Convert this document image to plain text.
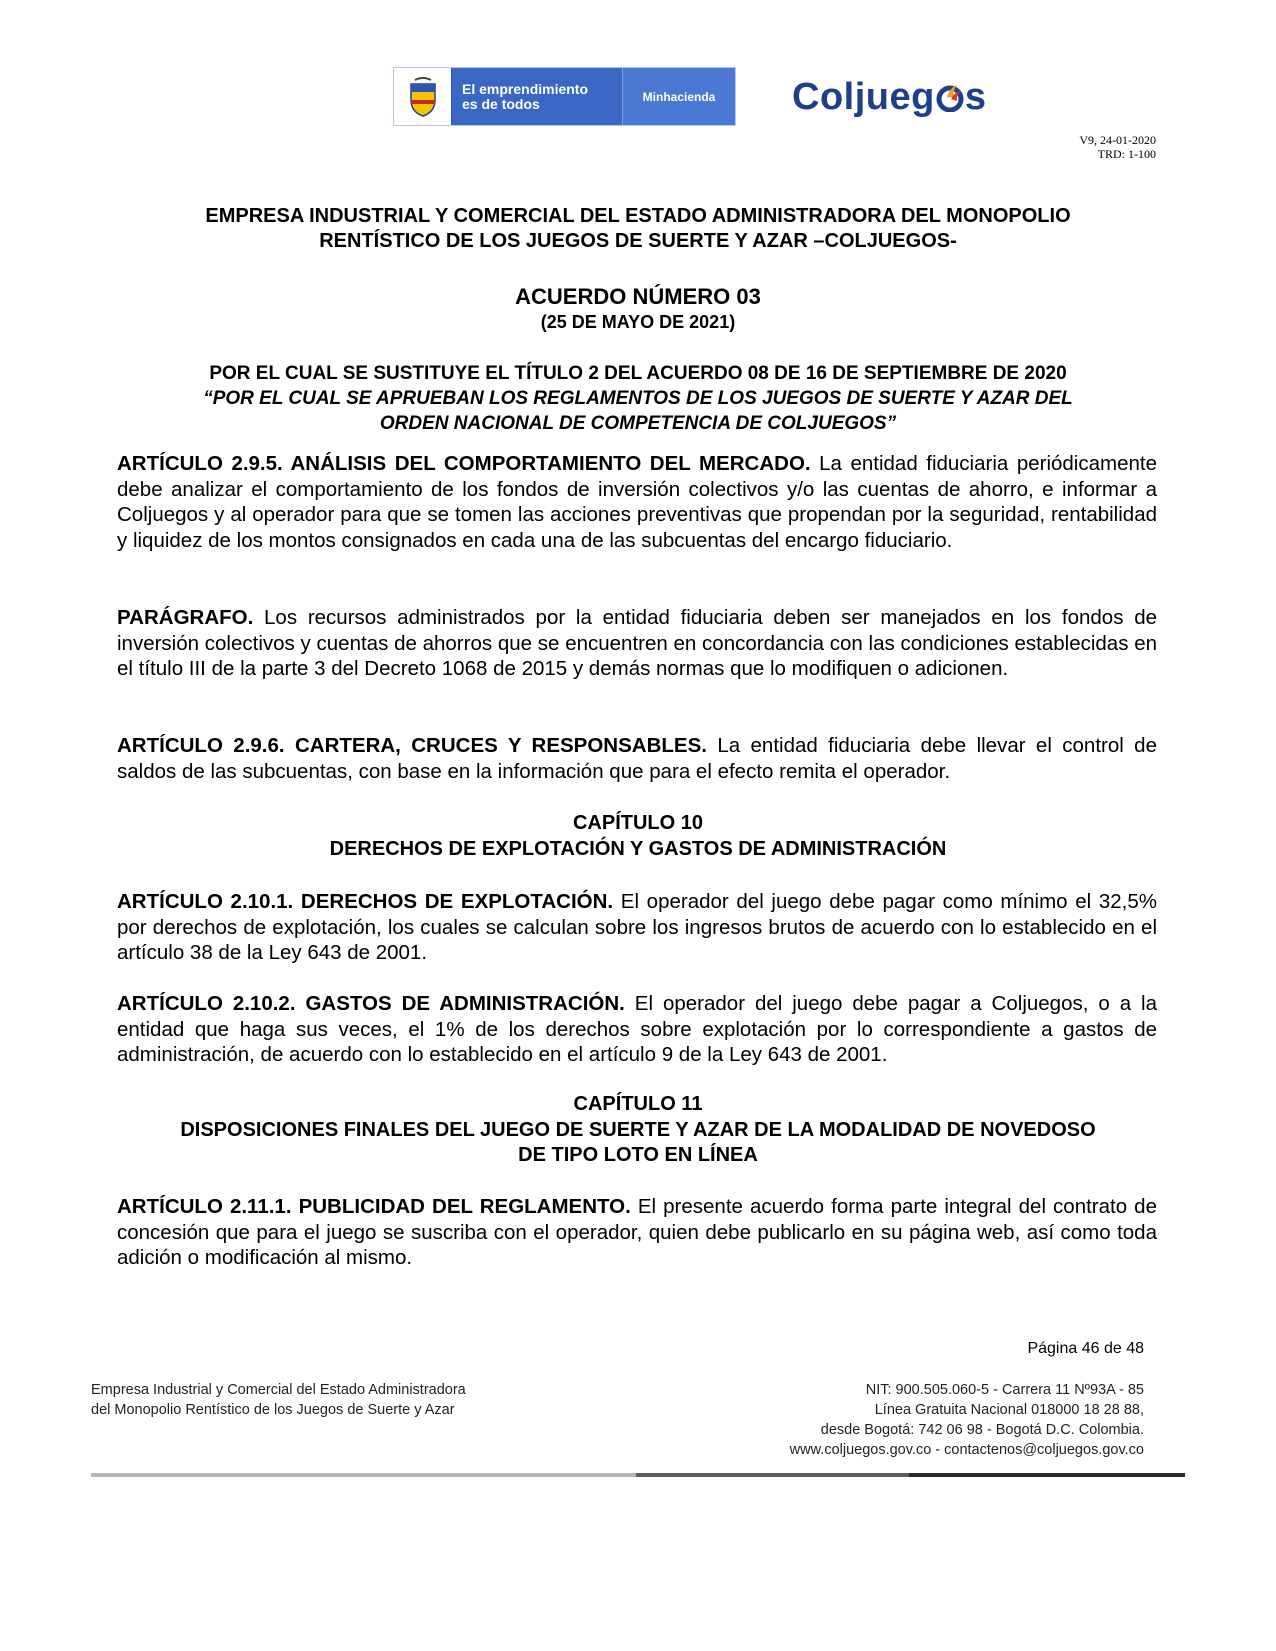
El emprendimiento
es de todos	Minhacienda	Coljueg s
V9, 24-01-2020
TRD: 1-100
EMPRESA INDUSTRIAL Y COMERCIAL DEL ESTADO ADMINISTRADORA DEL MONOPOLIO
RENTÍSTICO DE LOS JUEGOS DE SUERTE Y AZAR –COLJUEGOS-
ACUERDO NÚMERO 03
(25 DE MAYO DE 2021)
POR EL CUAL SE SUSTITUYE EL TÍTULO 2 DEL ACUERDO 08 DE 16 DE SEPTIEMBRE DE 2020
“POR EL CUAL SE APRUEBAN LOS REGLAMENTOS DE LOS JUEGOS DE SUERTE Y AZAR DEL
ORDEN NACIONAL DE COMPETENCIA DE COLJUEGOS”
ARTÍCULO 2.9.5. ANÁLISIS DEL COMPORTAMIENTO DEL MERCADO. La entidad fiduciaria periódicamente debe analizar el comportamiento de los fondos de inversión colectivos y/o las cuentas de ahorro, e informar a Coljuegos y al operador para que se tomen las acciones preventivas que propendan por la seguridad, rentabilidad y liquidez de los montos consignados en cada una de las subcuentas del encargo fiduciario.
PARÁGRAFO. Los recursos administrados por la entidad fiduciaria deben ser manejados en los fondos de inversión colectivos y cuentas de ahorros que se encuentren en concordancia con las condiciones establecidas en el título III de la parte 3 del Decreto 1068 de 2015 y demás normas que lo modifiquen o adicionen.
ARTÍCULO 2.9.6. CARTERA, CRUCES Y RESPONSABLES. La entidad fiduciaria debe llevar el control de saldos de las subcuentas, con base en la información que para el efecto remita el operador.
CAPÍTULO 10
DERECHOS DE EXPLOTACIÓN Y GASTOS DE ADMINISTRACIÓN
ARTÍCULO 2.10.1. DERECHOS DE EXPLOTACIÓN. El operador del juego debe pagar como mínimo el 32,5% por derechos de explotación, los cuales se calculan sobre los ingresos brutos de acuerdo con lo establecido en el artículo 38 de la Ley 643 de 2001.
ARTÍCULO 2.10.2. GASTOS DE ADMINISTRACIÓN. El operador del juego debe pagar a Coljuegos, o a la entidad que haga sus veces, el 1% de los derechos sobre explotación por lo correspondiente a gastos de administración, de acuerdo con lo establecido en el artículo 9 de la Ley 643 de 2001.
CAPÍTULO 11
DISPOSICIONES FINALES DEL JUEGO DE SUERTE Y AZAR DE LA MODALIDAD DE NOVEDOSO
DE TIPO LOTO EN LÍNEA
ARTÍCULO 2.11.1. PUBLICIDAD DEL REGLAMENTO. El presente acuerdo forma parte integral del contrato de concesión que para el juego se suscriba con el operador, quien debe publicarlo en su página web, así como toda adición o modificación al mismo.
Página 46 de 48
Empresa Industrial y Comercial del Estado Administradora
del Monopolio Rentístico de los Juegos de Suerte y Azar
NIT: 900.505.060-5 - Carrera 11 Nº93A - 85
Línea Gratuita Nacional 018000 18 28 88,
desde Bogotá: 742 06 98 - Bogotá D.C. Colombia.
www.coljuegos.gov.co - contactenos@coljuegos.gov.co
